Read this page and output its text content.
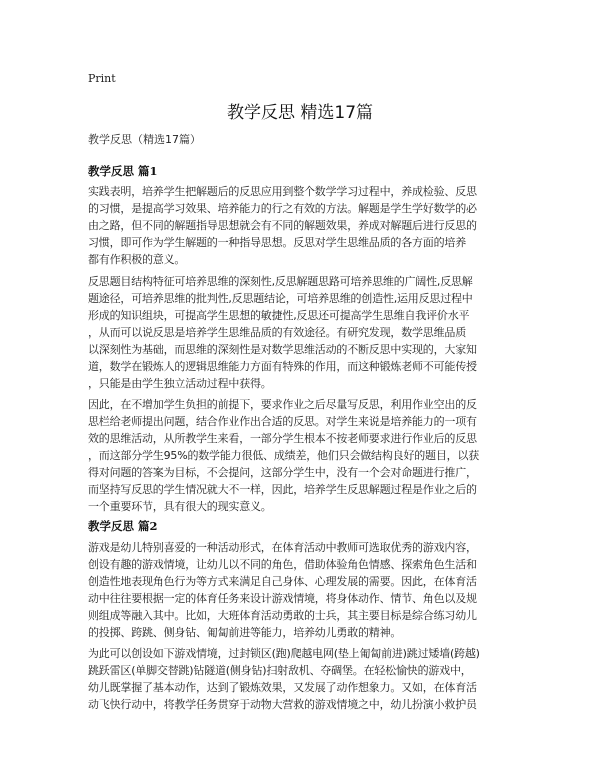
Print
教学反思 精选17篇
教学反思（精选17篇）
教学反思 篇1
实践表明，培养学生把解题后的反思应用到整个数学学习过程中，养成检验、反思
的习惯，是提高学习效果、培养能力的行之有效的方法。解题是学生学好数学的必
由之路，但不同的解题指导思想就会有不同的解题效果，养成对解题后进行反思的
习惯，即可作为学生解题的一种指导思想。反思对学生思维品质的各方面的培养
都有作积极的意义。
反思题目结构特征可培养思维的深刻性,反思解题思路可培养思维的广阔性,反思解
题途径，可培养思维的批判性,反思题结论，可培养思维的创造性,运用反思过程中
形成的知识组块，可提高学生思想的敏捷性,反思还可提高学生思维自我评价水平
，从而可以说反思是培养学生思维品质的有效途径。有研究发现，数学思维品质
以深刻性为基础，而思维的深刻性是对数学思维活动的不断反思中实现的，大家知
道，数学在锻炼人的逻辑思维能力方面有特殊的作用，而这种锻炼老师不可能传授
，只能是由学生独立活动过程中获得。
因此，在不增加学生负担的前提下，要求作业之后尽量写反思，利用作业空出的反
思栏给老师提出问题，结合作业作出合适的反思。对学生来说是培养能力的一项有
效的思维活动，从所教学生来看，一部分学生根本不按老师要求进行作业后的反思
，而这部分学生95%的数学能力很低、成绩差，他们只会做结构良好的题目，以获
得对问题的答案为目标，不会提问，这部分学生中，没有一个会对命题进行推广，
而坚持写反思的学生情况就大不一样，因此，培养学生反思解题过程是作业之后的
一个重要环节，具有很大的现实意义。
教学反思 篇2
游戏是幼儿特别喜爱的一种活动形式，在体育活动中教师可选取优秀的游戏内容，
创设有趣的游戏情境，让幼儿以不同的角色，借助体验角色情感、探索角色生活和
创造性地表现角色行为等方式来满足自己身体、心理发展的需要。因此，在体育活
动中往往要根据一定的体育任务来设计游戏情境，将身体动作、情节、角色以及规
则组成等融入其中。比如，大班体育活动勇敢的士兵，其主要目标是综合练习幼儿
的投掷、跨跳、侧身钻、匍匐前进等能力，培养幼儿勇敢的精神。
为此可以创设如下游戏情境，过封锁区(跑)爬越电网(垫上匍匐前进)跳过矮墙(跨越)
跳跃雷区(单脚交替跳)钻隧道(侧身钻)扫射敌机、夺碉堡。在轻松愉快的游戏中，
幼儿既掌握了基本动作，达到了锻炼效果，又发展了动作想象力。又如，在体育活
动飞快行动中，将教学任务贯穿于动物大营救的游戏情境之中，幼儿扮演小救护员
